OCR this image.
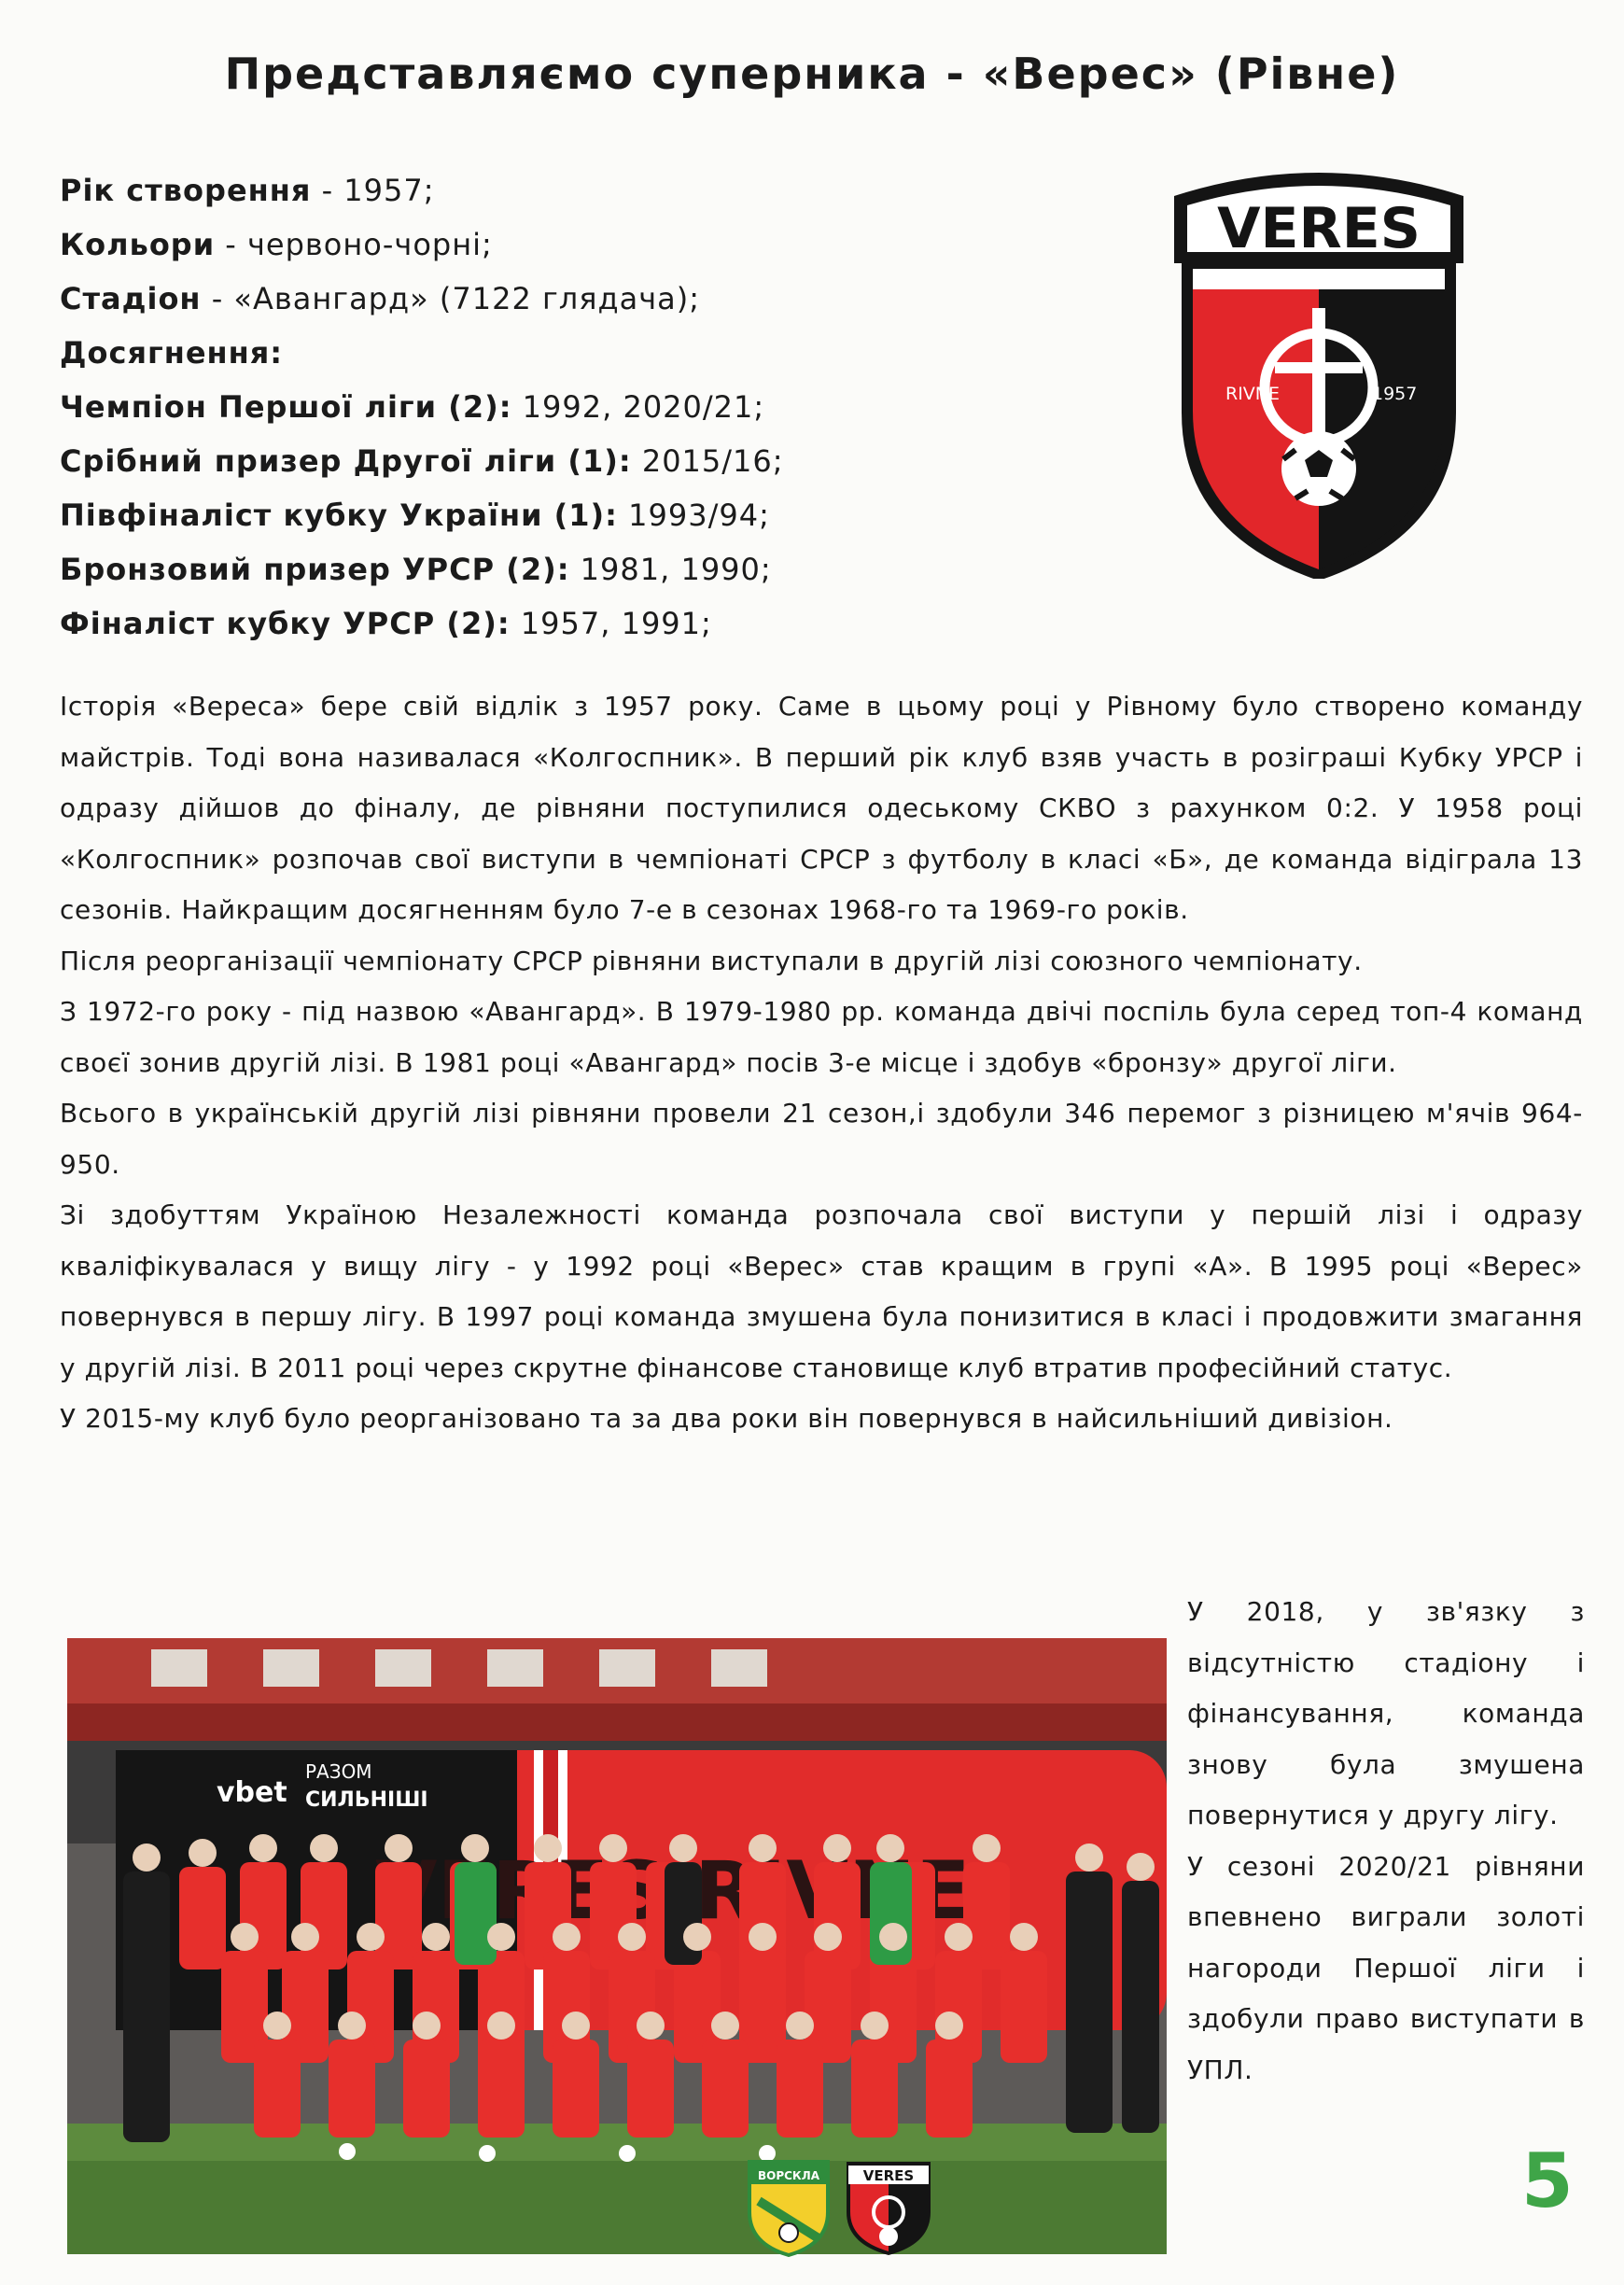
Представляємо суперника - «Верес» (Рівне)
Рік створення - 1957;
Кольори - червоно-чорні;
Стадіон - «Авангард» (7122 глядача);
Досягнення:
Чемпіон Першої ліги (2): 1992, 2020/21;
Срібний призер Другої ліги (1): 2015/16;
Півфіналіст кубку України (1): 1993/94;
Бронзовий призер УРСР (2): 1981, 1990;
Фіналіст кубку УРСР (2): 1957, 1991;
VERES
RIVNE	1957

Історія «Вереса» бере свій відлік з 1957 року. Саме в цьому році у Рівному було створено команду майстрів. Тоді вона називалася «Колгоспник». В перший рік клуб взяв участь в розіграші Кубку УРСР і одразу дійшов до фіналу, де рівняни поступилися одеському СКВО з рахунком 0:2. У 1958 році «Колгоспник» розпочав свої виступи в чемпіонаті СРСР з футболу в класі «Б», де команда відіграла 13 сезонів. Найкращим досягненням було 7-е в сезонах 1968-го та 1969-го років.

Після реорганізації чемпіонату СРСР рівняни виступали в другій лізі союзного чемпіонату.

З 1972-го року - під назвою «Авангард». В 1979-1980 рр. команда двічі поспіль була серед топ-4 команд своєї зонив другій лізі. В 1981 році «Авангард» посів 3-е місце і здобув «бронзу» другої ліги.

Всього в українській другій лізі рівняни провели 21 сезон,і здобули 346 перемог з різницею м'ячів 964-950.

Зі здобуттям Україною Незалежності команда розпочала свої виступи у першій лізі і одразу кваліфікувалася у вищу лігу - у 1992 році «Верес» став кращим в групі «А». В 1995 році «Верес» повернувся в першу лігу. В 1997 році команда змушена була понизитися в класі і продовжити змагання у другій лізі. В 2011 році через скрутне фінансове становище клуб втратив професійний статус.

У 2015-му клуб було реорганізовано та за два роки він повернувся в найсильніший дивізіон.

vbet
РАЗОМ
СИЛЬНІШІ
VERES

У 2018, у зв'язку з відсутністю стадіону і фінансування, команда знову була змушена повернутися у другу лігу.

У сезоні 2020/21 рівняни впевнено виграли золоті нагороди Першої ліги і здобули право виступати в УПЛ.

ВОРСКЛА	VERES	5
